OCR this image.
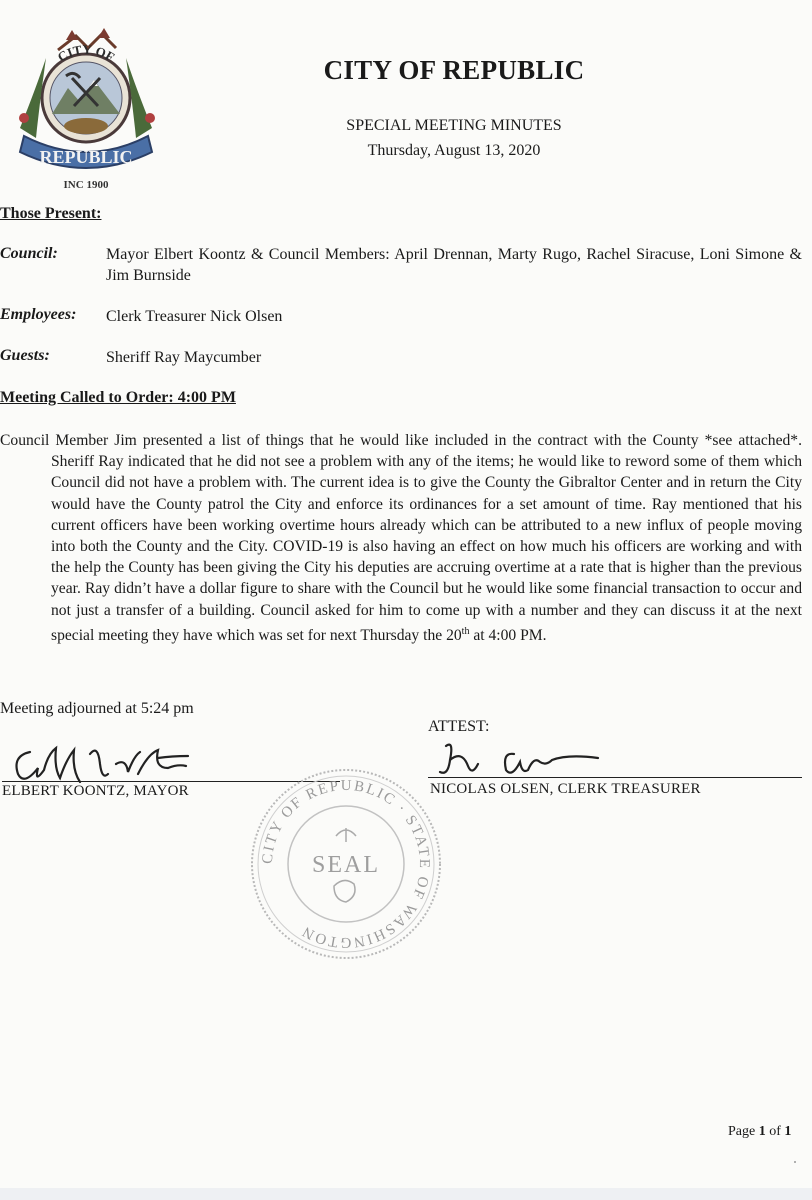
REPUBLIC
CITY OF
INC 1900
CITY OF REPUBLIC
SPECIAL MEETING MINUTES
Thursday, August 13, 2020
Those Present:
Council:	Mayor Elbert Koontz & Council Members: April Drennan, Marty Rugo, Rachel Siracuse, Loni Simone & Jim Burnside
Employees: Clerk Treasurer Nick Olsen
Guests:	Sheriff Ray Maycumber
Meeting Called to Order: 4:00 PM
Council Member Jim presented a list of things that he would like included in the contract with the County *see attached*. Sheriff Ray indicated that he did not see a problem with any of the items; he would like to reword some of them which Council did not have a problem with. The current idea is to give the County the Gibraltor Center and in return the City would have the County patrol the City and enforce its ordinances for a set amount of time. Ray mentioned that his current officers have been working overtime hours already which can be attributed to a new influx of people moving into both the County and the City. COVID-19 is also having an effect on how much his officers are working and with the help the County has been giving the City his deputies are accruing overtime at a rate that is higher than the previous year. Ray didn’t have a dollar figure to share with the Council but he would like some financial transaction to occur and not just a transfer of a building. Council asked for him to come up with a number and they can discuss it at the next special meeting they have which was set for next Thursday the 20th at 4:00 PM.
Meeting adjourned at 5:24 pm
ATTEST:
ELBERT KOONTZ, MAYOR	NICOLAS OLSEN, CLERK TREASURER
CITY OF REPUBLIC · STATE OF WASHINGTON
SEAL
Page 1 of 1
